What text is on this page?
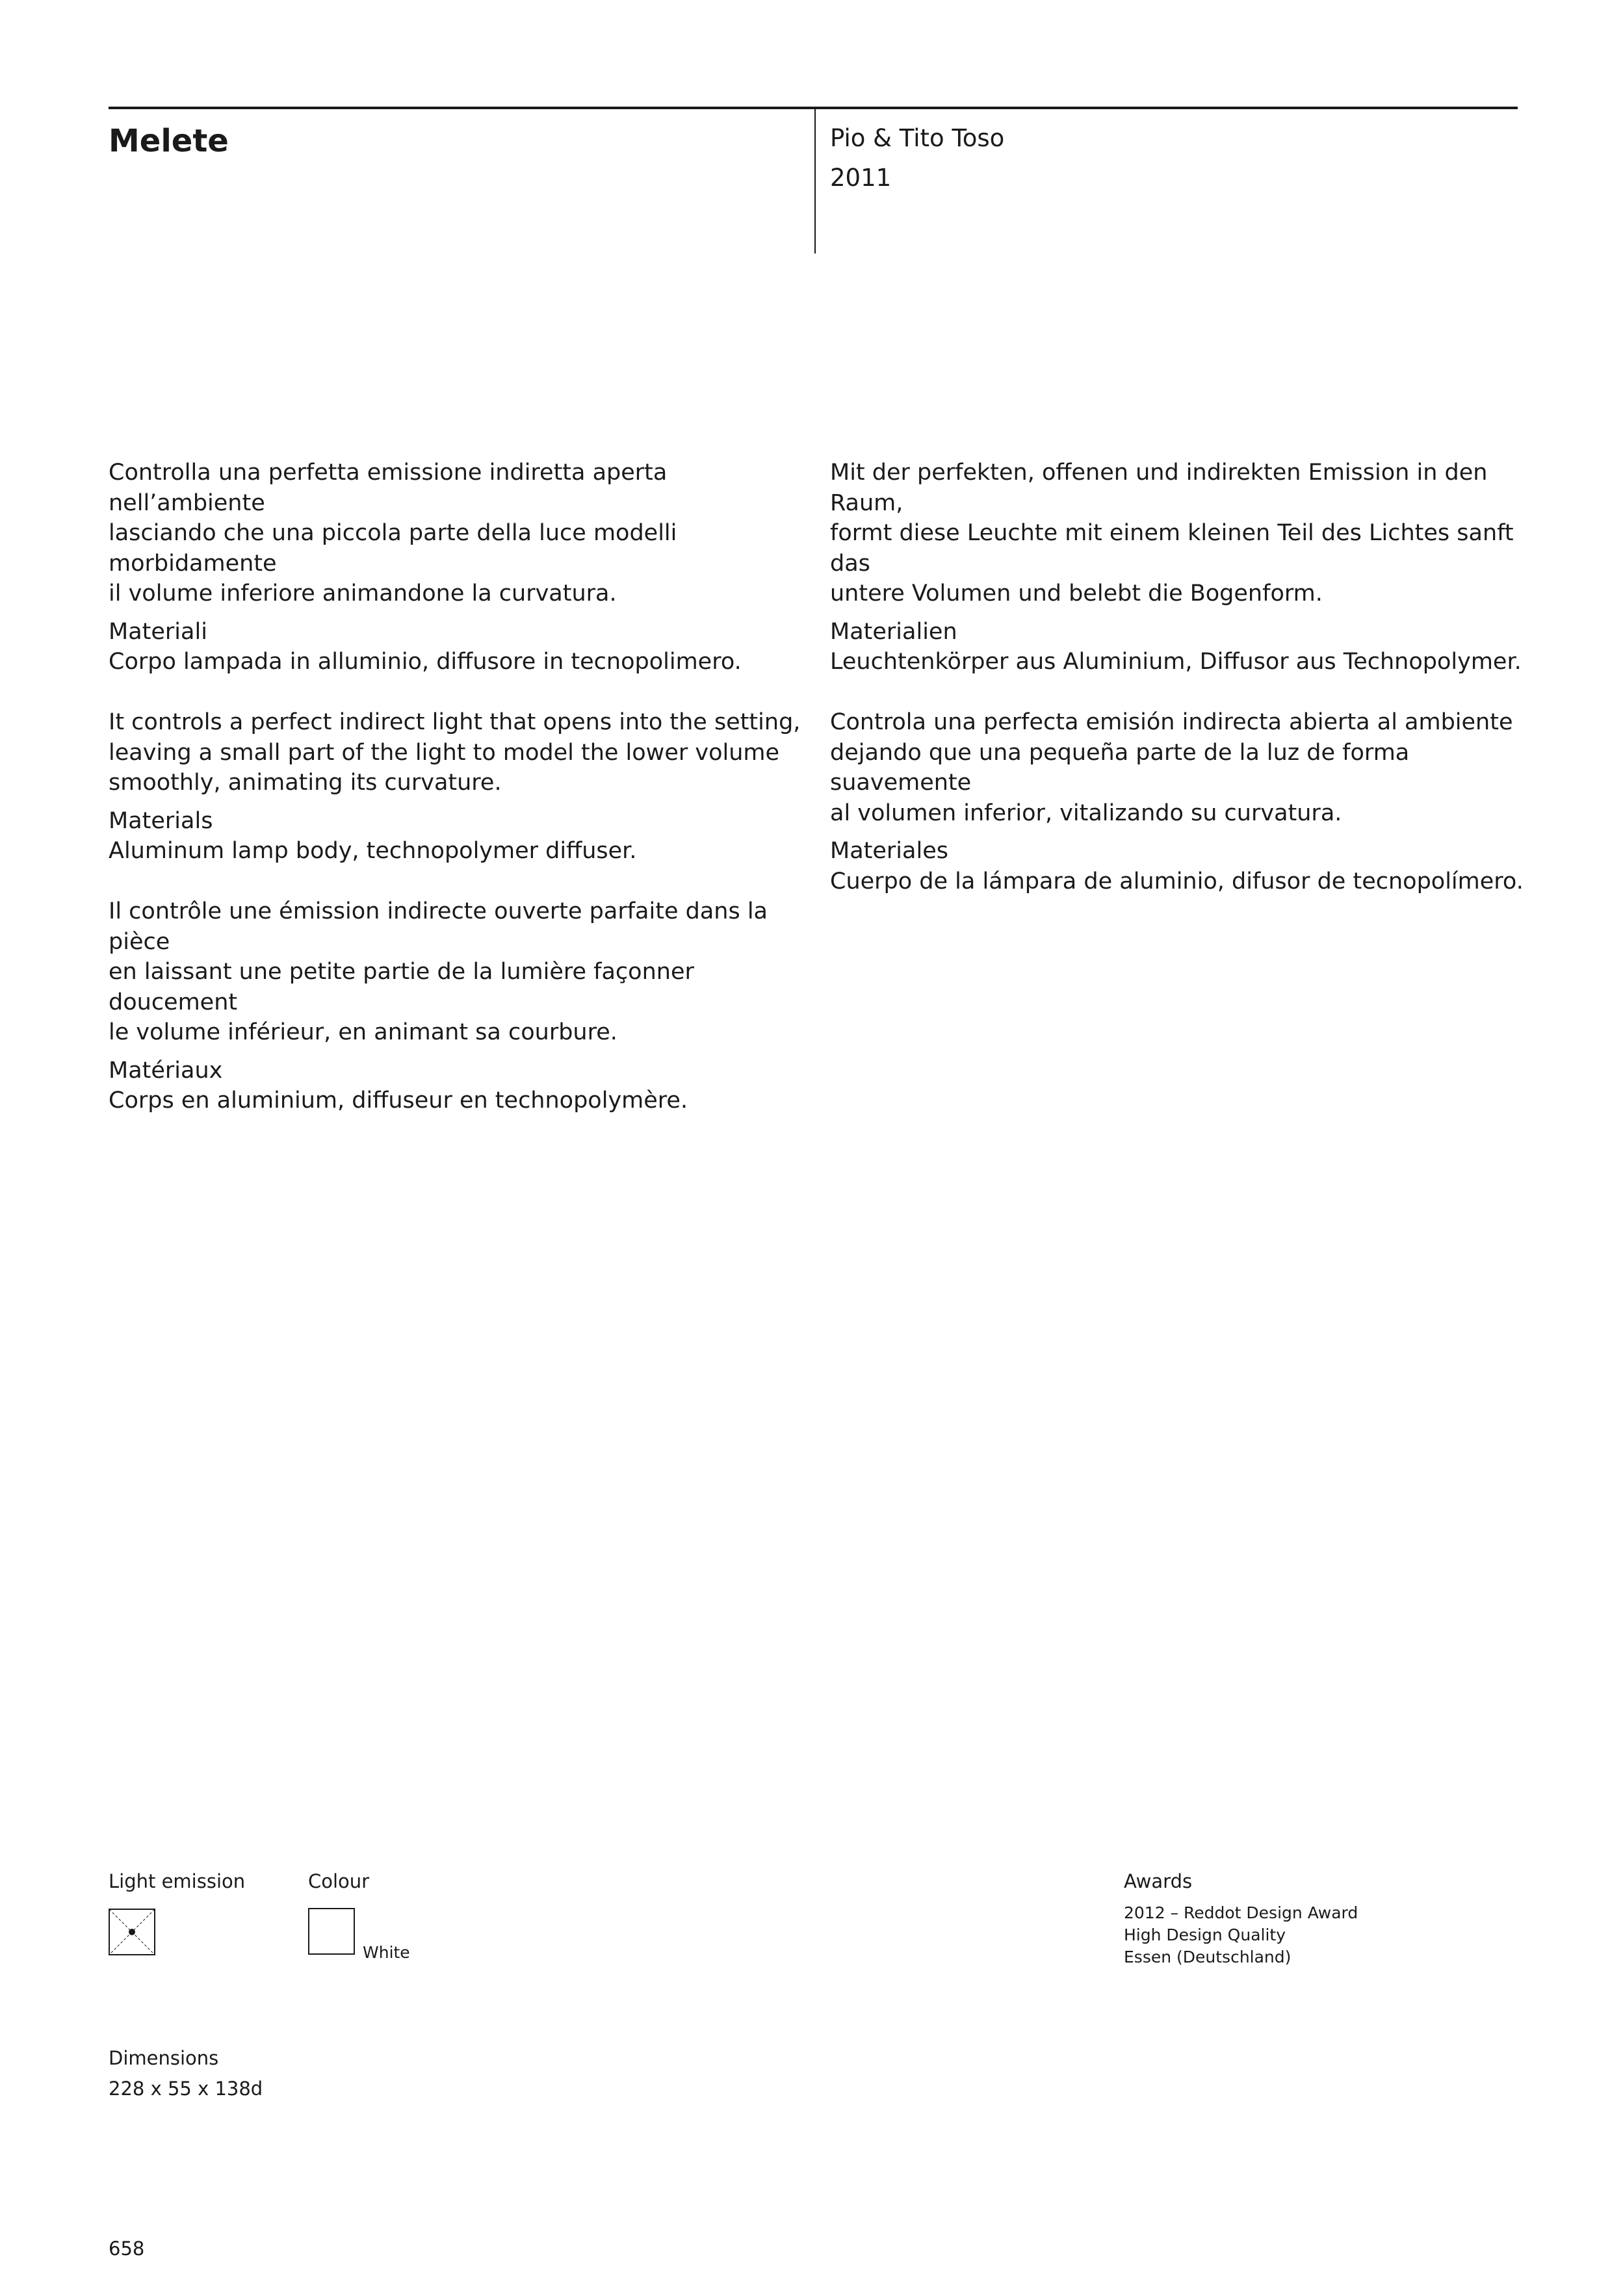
Melete	Pio & Tito Toso
2011

Controlla una perfetta emissione indiretta aperta nell’ambiente
lasciando che una piccola parte della luce modelli morbidamente
il volume inferiore animandone la curvatura.

Materiali

Corpo lampada in alluminio, diffusore in tecnopolimero.

It controls a perfect indirect light that opens into the setting,
leaving a small part of the light to model the lower volume
smoothly, animating its curvature.

Materials

Aluminum lamp body, technopolymer diffuser.

Il contrôle une émission indirecte ouverte parfaite dans la pièce
en laissant une petite partie de la lumière façonner doucement
le volume inférieur, en animant sa courbure.

Matériaux

Corps en aluminium, diffuseur en technopolymère.

Mit der perfekten, offenen und indirekten Emission in den Raum,
formt diese Leuchte mit einem kleinen Teil des Lichtes sanft das
untere Volumen und belebt die Bogenform.

Materialien

Leuchtenkörper aus Aluminium, Diffusor aus Technopolymer.

Controla una perfecta emisión indirecta abierta al ambiente
dejando que una pequeña parte de la luz de forma suavemente
al volumen inferior, vitalizando su curvatura.

Materiales

Cuerpo de la lámpara de aluminio, difusor de tecnopolímero.

Light emission	Colour
White
Awards
2012 – Reddot Design Award
High Design Quality
Essen (Deutschland)
Dimensions
228 x 55 x 138d
658
